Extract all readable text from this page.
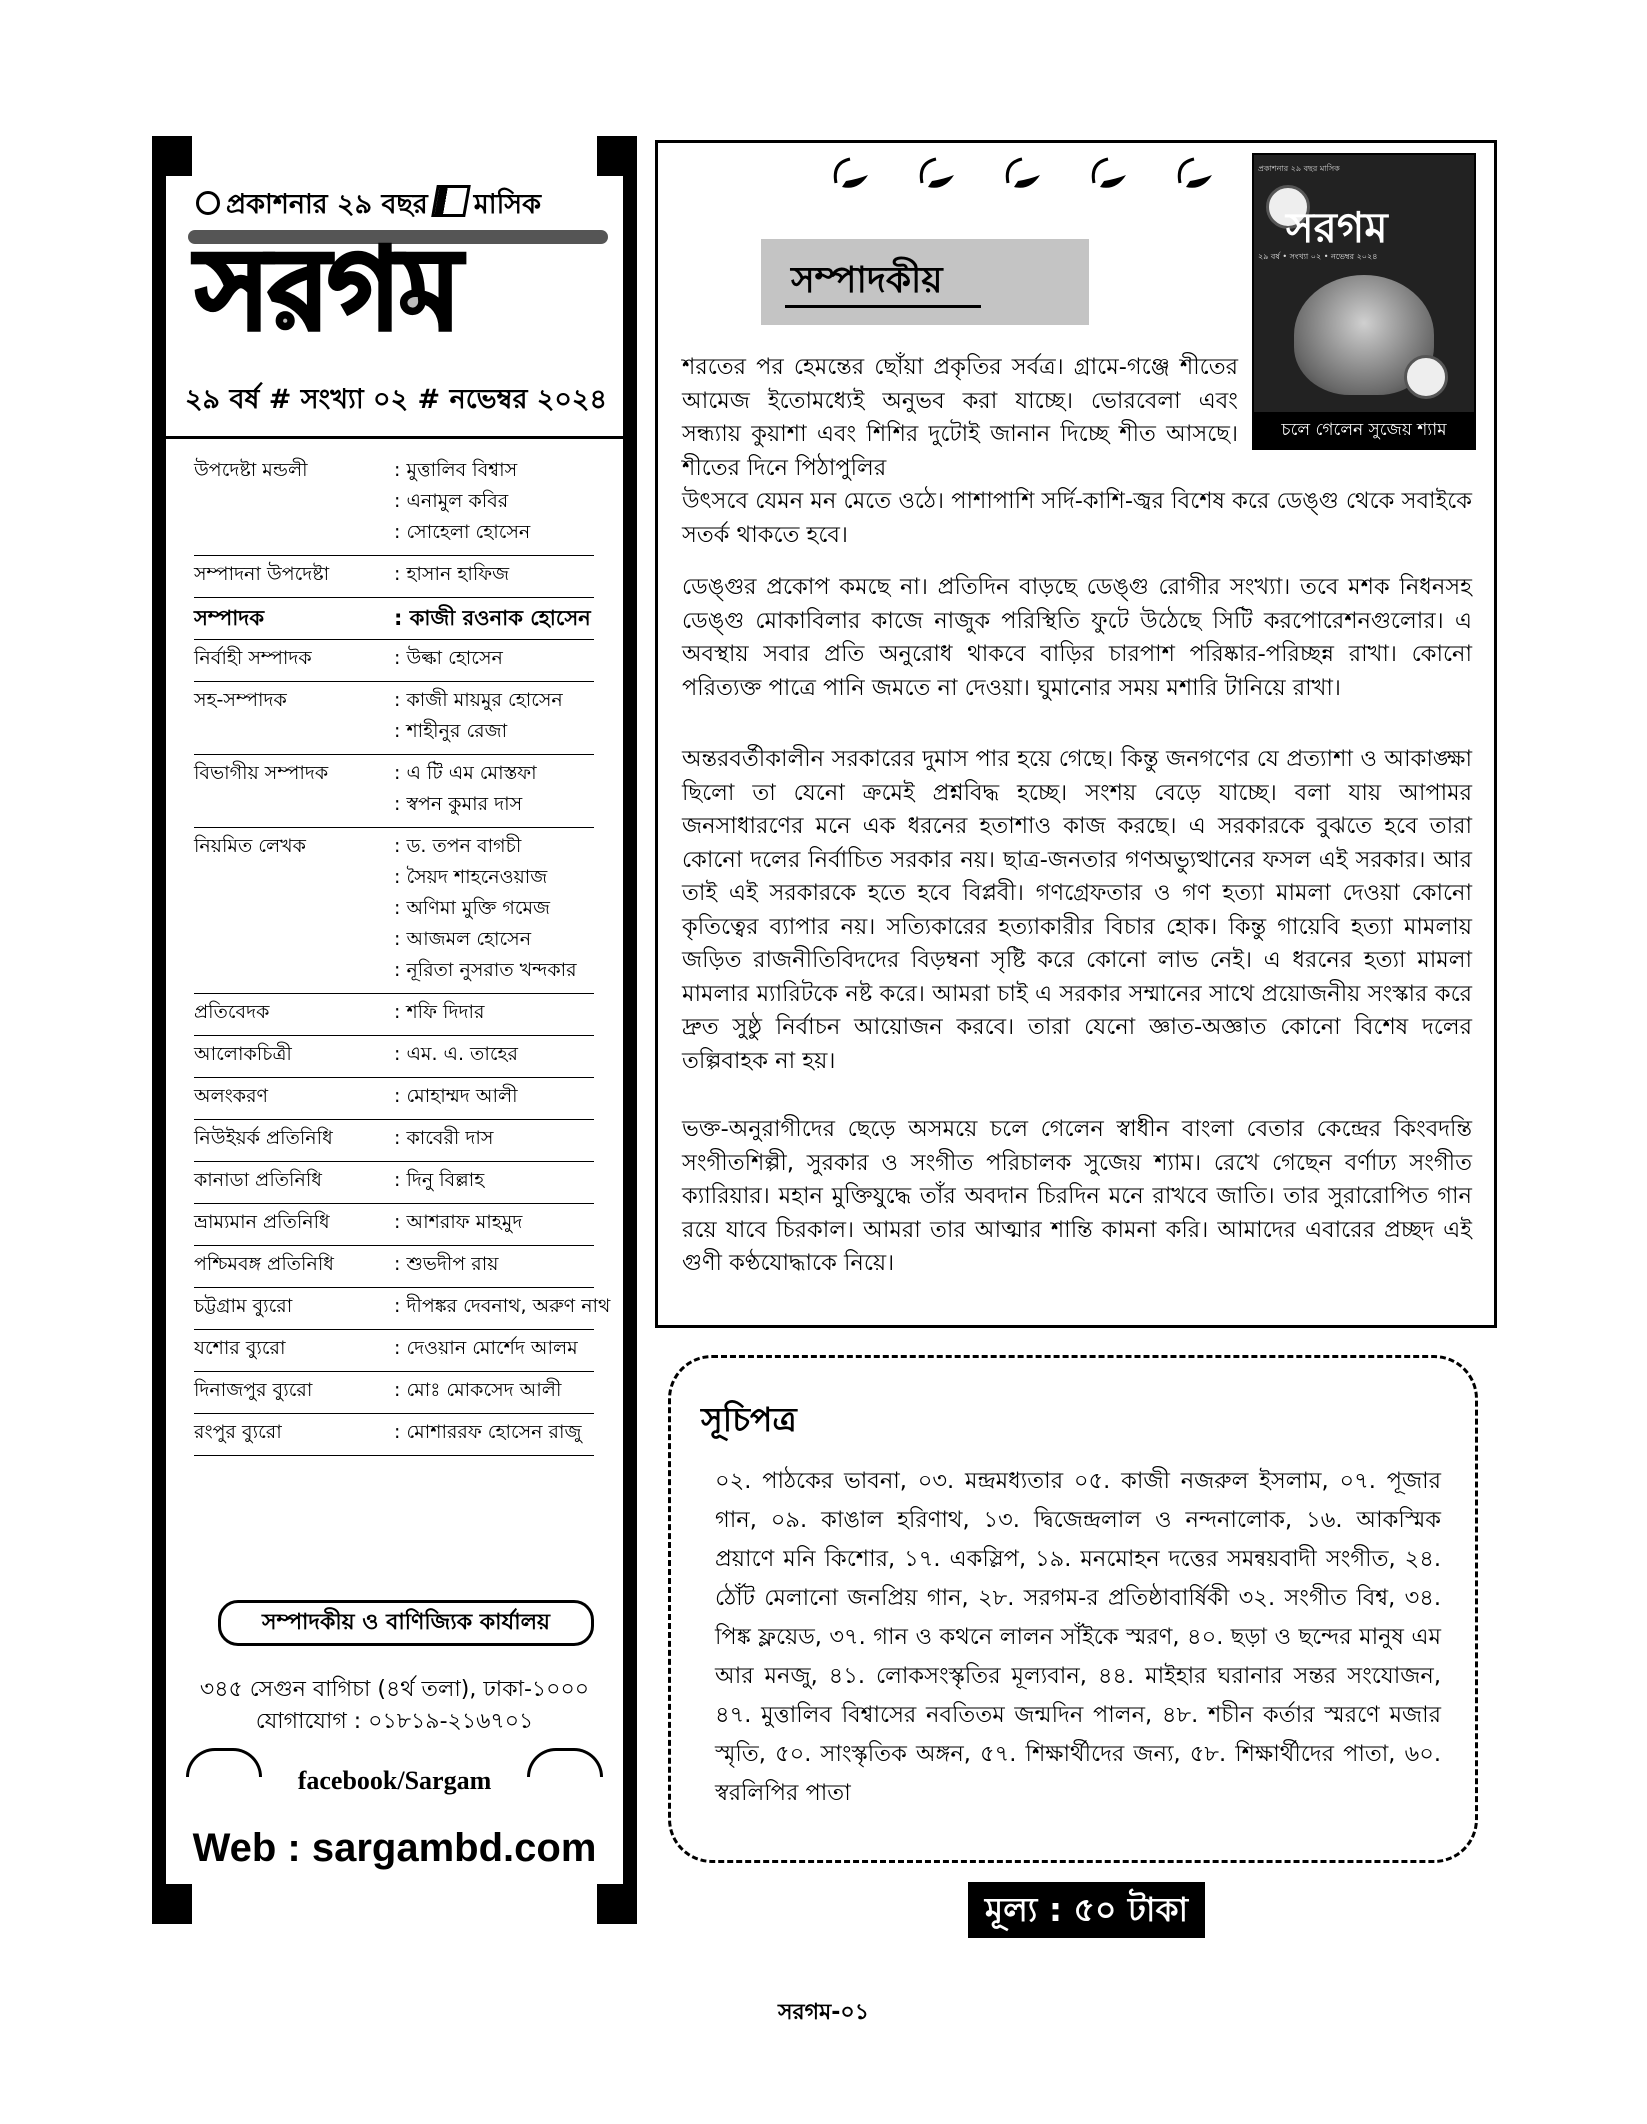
প্রকাশনার ২৯ বছর মাসিক
সরগম
২৯ বর্ষ # সংখ্যা ০২ # নভেম্বর ২০২৪
উপদেষ্টা মন্ডলী	: মুত্তালিব বিশ্বাস
: এনামুল কবির
: সোহেলা হোসেন
সম্পাদনা উপদেষ্টা	: হাসান হাফিজ
সম্পাদক	: কাজী রওনাক হোসেন
নির্বাহী সম্পাদক	: উল্কা হোসেন
সহ-সম্পাদক	: কাজী মায়মুর হোসেন
: শাহীনুর রেজা
বিভাগীয় সম্পাদক	: এ টি এম মোস্তফা
: স্বপন কুমার দাস
নিয়মিত লেখক	: ড. তপন বাগচী
: সৈয়দ শাহনেওয়াজ
: অণিমা মুক্তি গমেজ
: আজমল হোসেন
: নূরিতা নুসরাত খন্দকার
প্রতিবেদক	: শফি দিদার
আলোকচিত্রী	: এম. এ. তাহের
অলংকরণ	: মোহাম্মদ আলী
নিউইয়র্ক প্রতিনিধি	: কাবেরী দাস
কানাডা প্রতিনিধি	: দিনু বিল্লাহ
ভ্রাম্যমান প্রতিনিধি	: আশরাফ মাহমুদ
পশ্চিমবঙ্গ প্রতিনিধি	: শুভদীপ রায়
চট্টগ্রাম ব্যুরো	: দীপঙ্কর দেবনাথ, অরুণ নাথ
যশোর ব্যুরো	: দেওয়ান মোর্শেদ আলম
দিনাজপুর ব্যুরো	: মোঃ মোকসেদ আলী
রংপুর ব্যুরো	: মোশাররফ হোসেন রাজু
সম্পাদকীয় ও বাণিজ্যিক কার্যালয়
৩৪৫ সেগুন বাগিচা (৪র্থ তলা), ঢাকা-১০০০
যোগাযোগ : ০১৮১৯-২১৬৭০১
facebook/Sargam
Web : sargambd.com
সম্পাদকীয়
প্রকাশনার ২৯ বছর মাসিক
সরগম
২৯ বর্ষ • সংখ্যা ০২ • নভেম্বর ২০২৪
চলে গেলেন সুজেয় শ্যাম
শরতের পর হেমন্তের ছোঁয়া প্রকৃতির সর্বত্র। গ্রামে-গঞ্জে শীতের আমেজ ইতোমধ্যেই অনুভব করা যাচ্ছে। ভোরবেলা এবং সন্ধ্যায় কুয়াশা এবং শিশির দুটোই জানান দিচ্ছে শীত আসছে। শীতের দিনে পিঠাপুলির
উৎসবে যেমন মন মেতে ওঠে। পাশাপাশি সর্দি-কাশি-জ্বর বিশেষ করে ডেঙ্গু থেকে সবাইকে সতর্ক থাকতে হবে।
ডেঙ্গুর প্রকোপ কমছে না। প্রতিদিন বাড়ছে ডেঙ্গু রোগীর সংখ্যা। তবে মশক নিধনসহ ডেঙ্গু মোকাবিলার কাজে নাজুক পরিস্থিতি ফুটে উঠেছে সিটি করপোরেশনগুলোর। এ অবস্থায় সবার প্রতি অনুরোধ থাকবে বাড়ির চারপাশ পরিষ্কার-পরিচ্ছন্ন রাখা। কোনো পরিত্যক্ত পাত্রে পানি জমতে না দেওয়া। ঘুমানোর সময় মশারি টানিয়ে রাখা।
অন্তরবর্তীকালীন সরকারের দুমাস পার হয়ে গেছে। কিন্তু জনগণের যে প্রত্যাশা ও আকাঙ্ক্ষা ছিলো তা যেনো ক্রমেই প্রশ্নবিদ্ধ হচ্ছে। সংশয় বেড়ে যাচ্ছে। বলা যায় আপামর জনসাধারণের মনে এক ধরনের হতাশাও কাজ করছে। এ সরকারকে বুঝতে হবে তারা কোনো দলের নির্বাচিত সরকার নয়। ছাত্র-জনতার গণঅভ্যুত্থানের ফসল এই সরকার। আর তাই এই সরকারকে হতে হবে বিপ্লবী। গণগ্রেফতার ও গণ হত্যা মামলা দেওয়া কোনো কৃতিত্বের ব্যাপার নয়। সত্যিকারের হত্যাকারীর বিচার হোক। কিন্তু গায়েবি হত্যা মামলায় জড়িত রাজনীতিবিদদের বিড়ম্বনা সৃষ্টি করে কোনো লাভ নেই। এ ধরনের হত্যা মামলা মামলার ম্যারিটকে নষ্ট করে। আমরা চাই এ সরকার সম্মানের সাথে প্রয়োজনীয় সংস্কার করে দ্রুত সুষ্ঠু নির্বাচন আয়োজন করবে। তারা যেনো জ্ঞাত-অজ্ঞাত কোনো বিশেষ দলের তল্পিবাহক না হয়।
ভক্ত-অনুরাগীদের ছেড়ে অসময়ে চলে গেলেন স্বাধীন বাংলা বেতার কেন্দ্রের কিংবদন্তি সংগীতশিল্পী, সুরকার ও সংগীত পরিচালক সুজেয় শ্যাম। রেখে গেছেন বর্ণাঢ্য সংগীত ক্যারিয়ার। মহান মুক্তিযুদ্ধে তাঁর অবদান চিরদিন মনে রাখবে জাতি। তার সুরারোপিত গান রয়ে যাবে চিরকাল। আমরা তার আত্মার শান্তি কামনা করি। আমাদের এবারের প্রচ্ছদ এই গুণী কণ্ঠযোদ্ধাকে নিয়ে।
সূচিপত্র
০২. পাঠকের ভাবনা, ০৩. মন্দ্রমধ্যতার ০৫. কাজী নজরুল ইসলাম, ০৭. পূজার গান, ০৯. কাঙাল হরিণাথ, ১৩. দ্বিজেন্দ্রলাল ও নন্দনালোক, ১৬. আকস্মিক প্রয়াণে মনি কিশোর, ১৭. একস্লিপ, ১৯. মনমোহন দত্তের সমন্বয়বাদী সংগীত, ২৪. ঠোঁট মেলানো জনপ্রিয় গান, ২৮. সরগম-র প্রতিষ্ঠাবার্ষিকী ৩২. সংগীত বিশ্ব, ৩৪. পিঙ্ক ফ্লয়েড, ৩৭. গান ও কথনে লালন সাঁইকে স্মরণ, ৪০. ছড়া ও ছন্দের মানুষ এম আর মনজু, ৪১. লোকসংস্কৃতির মূল্যবান, ৪৪. মাইহার ঘরানার সন্তর সংযোজন, ৪৭. মুত্তালিব বিশ্বাসের নবতিতম জন্মদিন পালন, ৪৮. শচীন কর্তার স্মরণে মজার স্মৃতি, ৫০. সাংস্কৃতিক অঙ্গন, ৫৭. শিক্ষার্থীদের জন্য, ৫৮. শিক্ষার্থীদের পাতা, ৬০. স্বরলিপির পাতা
মূল্য : ৫০ টাকা
সরগম-০১
